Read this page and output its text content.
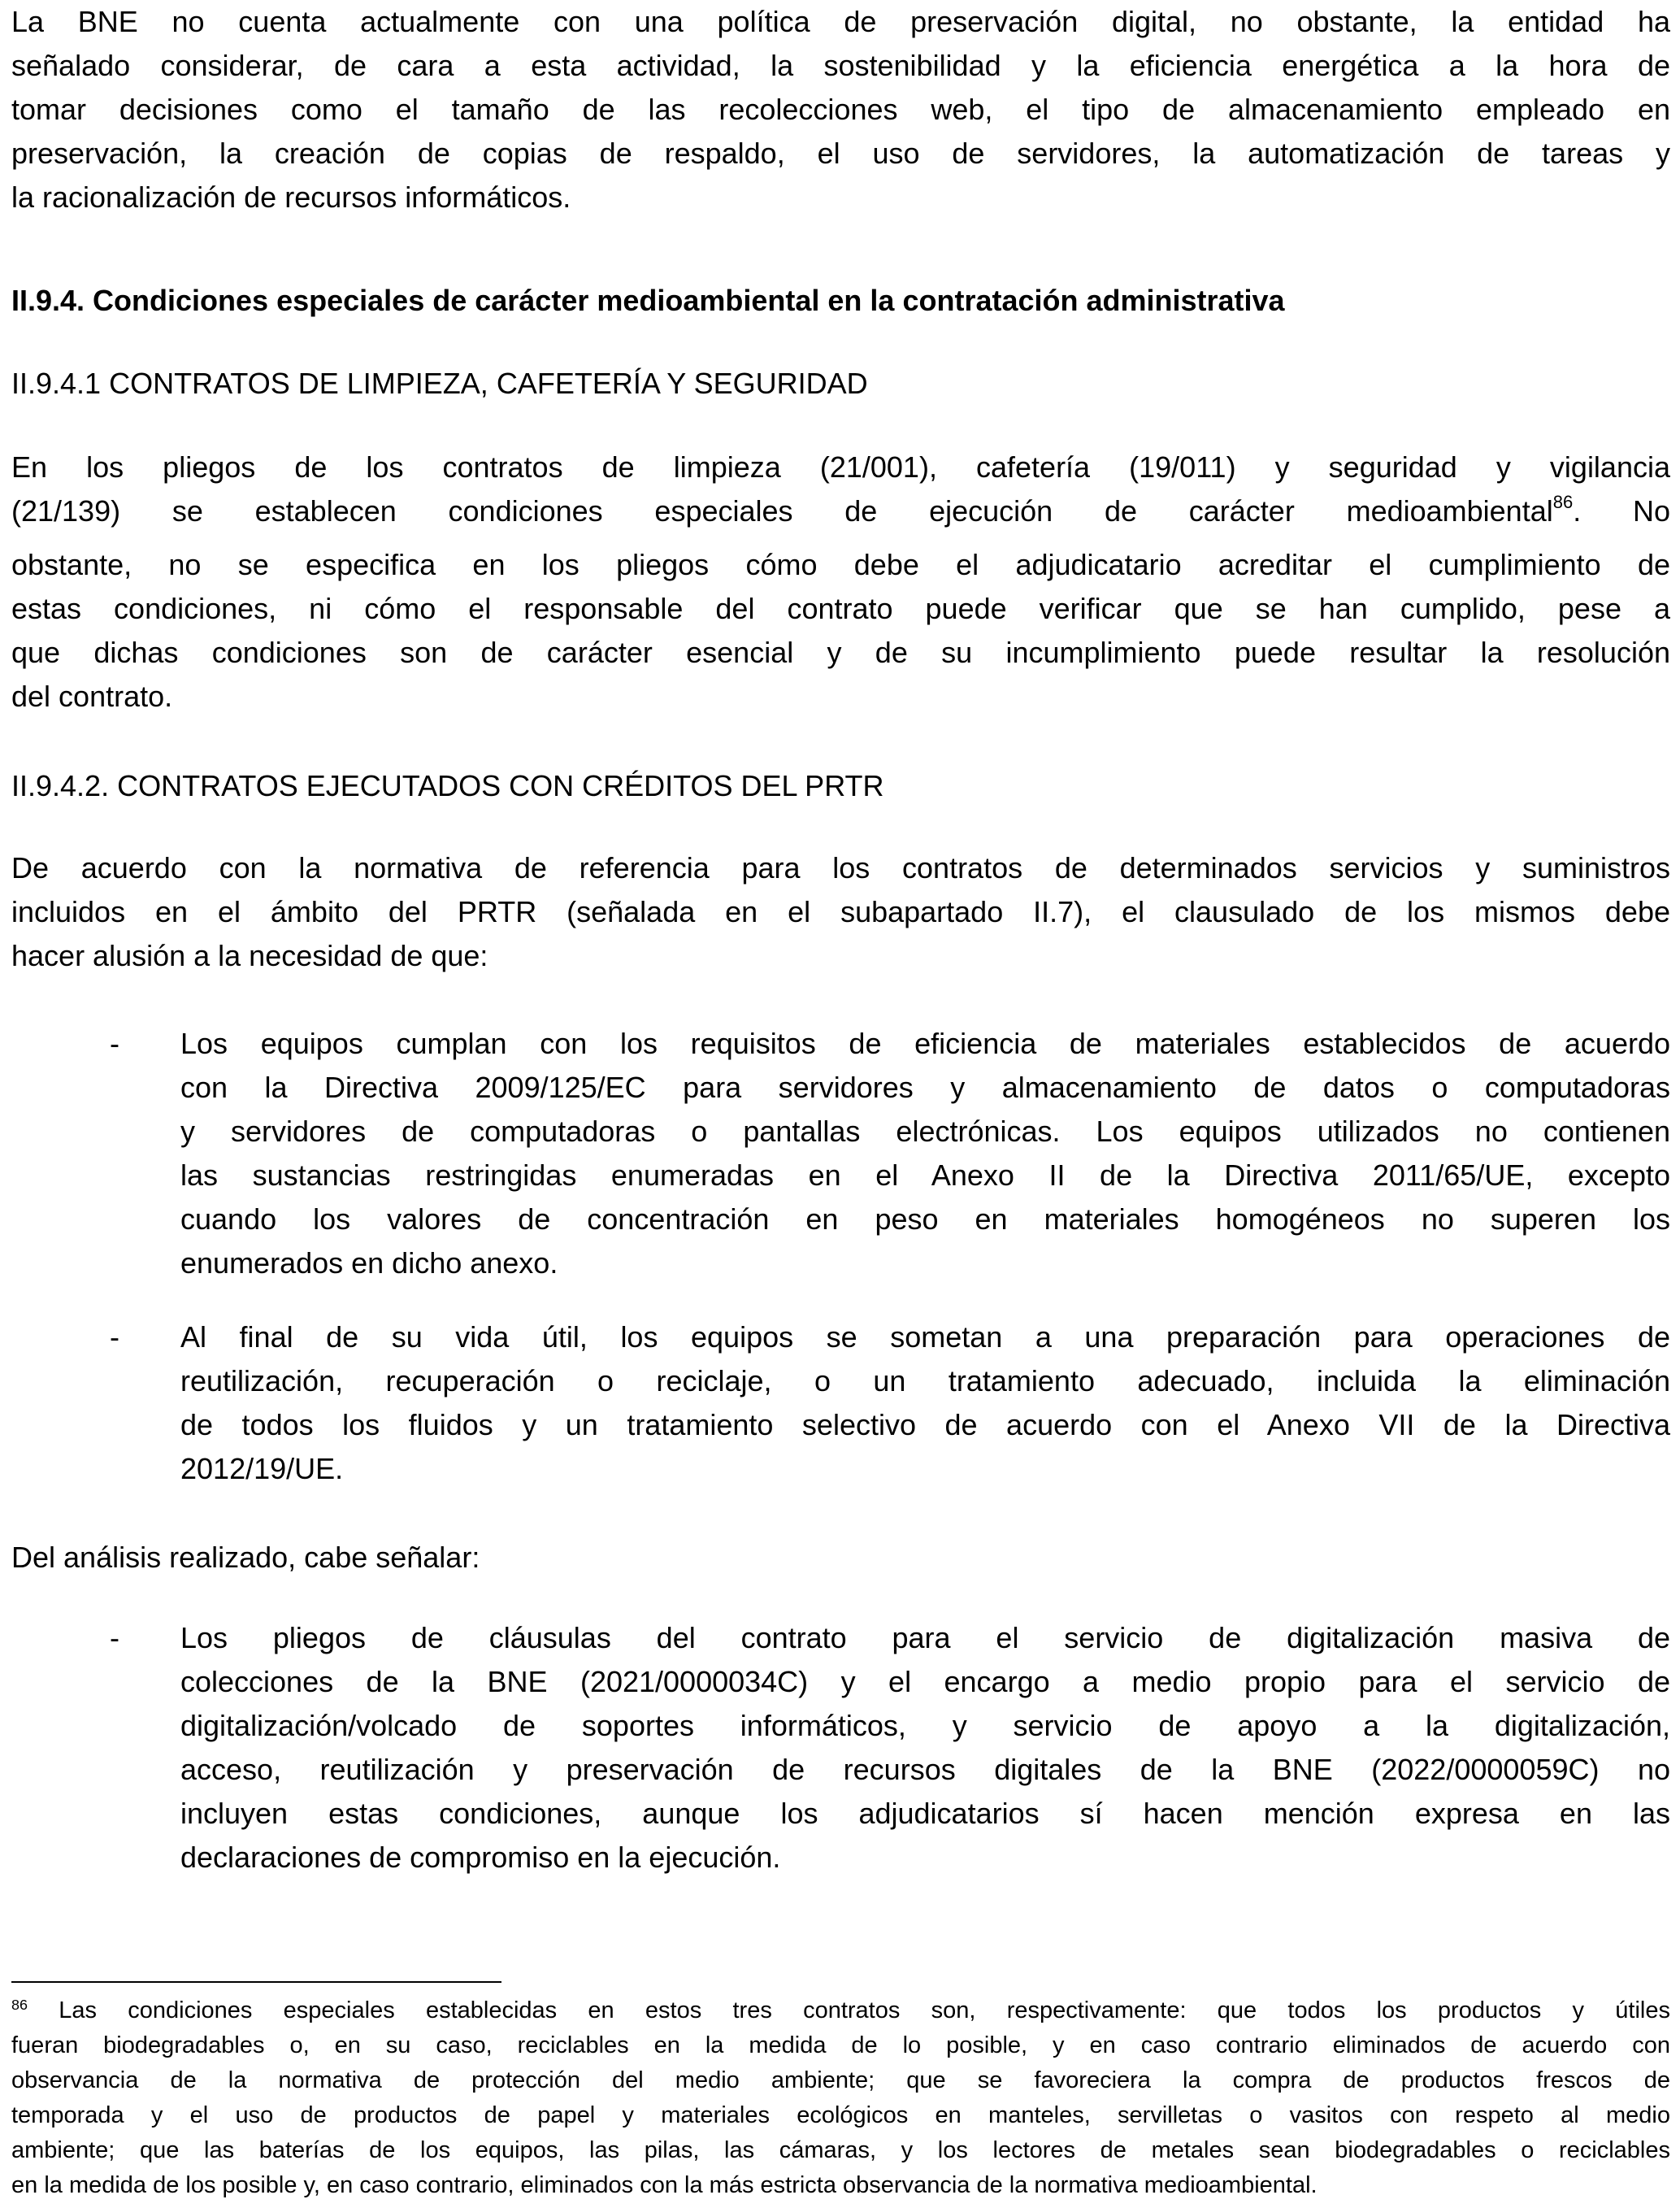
La BNE no cuenta actualmente con una política de preservación digital, no obstante, la entidad ha
señalado considerar, de cara a esta actividad, la sostenibilidad y la eficiencia energética a la hora de
tomar decisiones como el tamaño de las recolecciones web, el tipo de almacenamiento empleado en
preservación, la creación de copias de respaldo, el uso de servidores, la automatización de tareas y
la racionalización de recursos informáticos.
II.9.4. Condiciones especiales de carácter medioambiental en la contratación administrativa
II.9.4.1 CONTRATOS DE LIMPIEZA, CAFETERÍA Y SEGURIDAD
En los pliegos de los contratos de limpieza (21/001), cafetería (19/011) y seguridad y vigilancia
(21/139) se establecen condiciones especiales de ejecución de carácter medioambiental . No
obstante, no se especifica en los pliegos cómo debe el adjudicatario acreditar el cumplimiento de
estas condiciones, ni cómo el responsable del contrato puede verificar que se han cumplido, pese a
que dichas condiciones son de carácter esencial y de su incumplimiento puede resultar la resolución
del contrato.
II.9.4.2. CONTRATOS EJECUTADOS CON CRÉDITOS DEL PRTR
De acuerdo con la normativa de referencia para los contratos de determinados servicios y suministros
incluidos en el ámbito del PRTR (señalada en el subapartado II.7), el clausulado de los mismos debe
hacer alusión a la necesidad de que:
- Los equipos cumplan con los requisitos de eficiencia de materiales establecidos de acuerdo
con la Directiva 2009/125/EC para servidores y almacenamiento de datos o computadoras
y servidores de computadoras o pantallas electrónicas. Los equipos utilizados no contienen
las sustancias restringidas enumeradas en el Anexo II de la Directiva 2011/65/UE, excepto
cuando los valores de concentración en peso en materiales homogéneos no superen los
enumerados en dicho anexo.
- Al final de su vida útil, los equipos se sometan a una preparación para operaciones de
reutilización, recuperación o reciclaje, o un tratamiento adecuado, incluida la eliminación
de todos los fluidos y un tratamiento selectivo de acuerdo con el Anexo VII de la Directiva
2012/19/UE.
Del análisis realizado, cabe señalar:
- Los pliegos de cláusulas del contrato para el servicio de digitalización masiva de
colecciones de la BNE (2021/0000034C) y el encargo a medio propio para el servicio de
digitalización/volcado de soportes informáticos, y servicio de apoyo a la digitalización,
acceso, reutilización y preservación de recursos digitales de la BNE (2022/0000059C) no
incluyen estas condiciones, aunque los adjudicatarios sí hacen mención expresa en las
declaraciones de compromiso en la ejecución.
$^{86}$ Las condiciones especiales establecidas en estos tres contratos son, respectivamente: que todos los productos y útiles
fueran biodegradables o, en su caso, reciclables en la medida de lo posible, y en caso contrario eliminados de acuerdo con
observancia de la normativa de protección del medio ambiente; que se favoreciera la compra de productos frescos de
temporada y el uso de productos de papel y materiales ecológicos en manteles, servilletas o vasitos con respeto al medio
ambiente; que las baterías de los equipos, las pilas, las cámaras, y los lectores de metales sean biodegradables o reciclables
en la medida de los posible y, en caso contrario, eliminados con la más estricta observancia de la normativa medioambiental.
